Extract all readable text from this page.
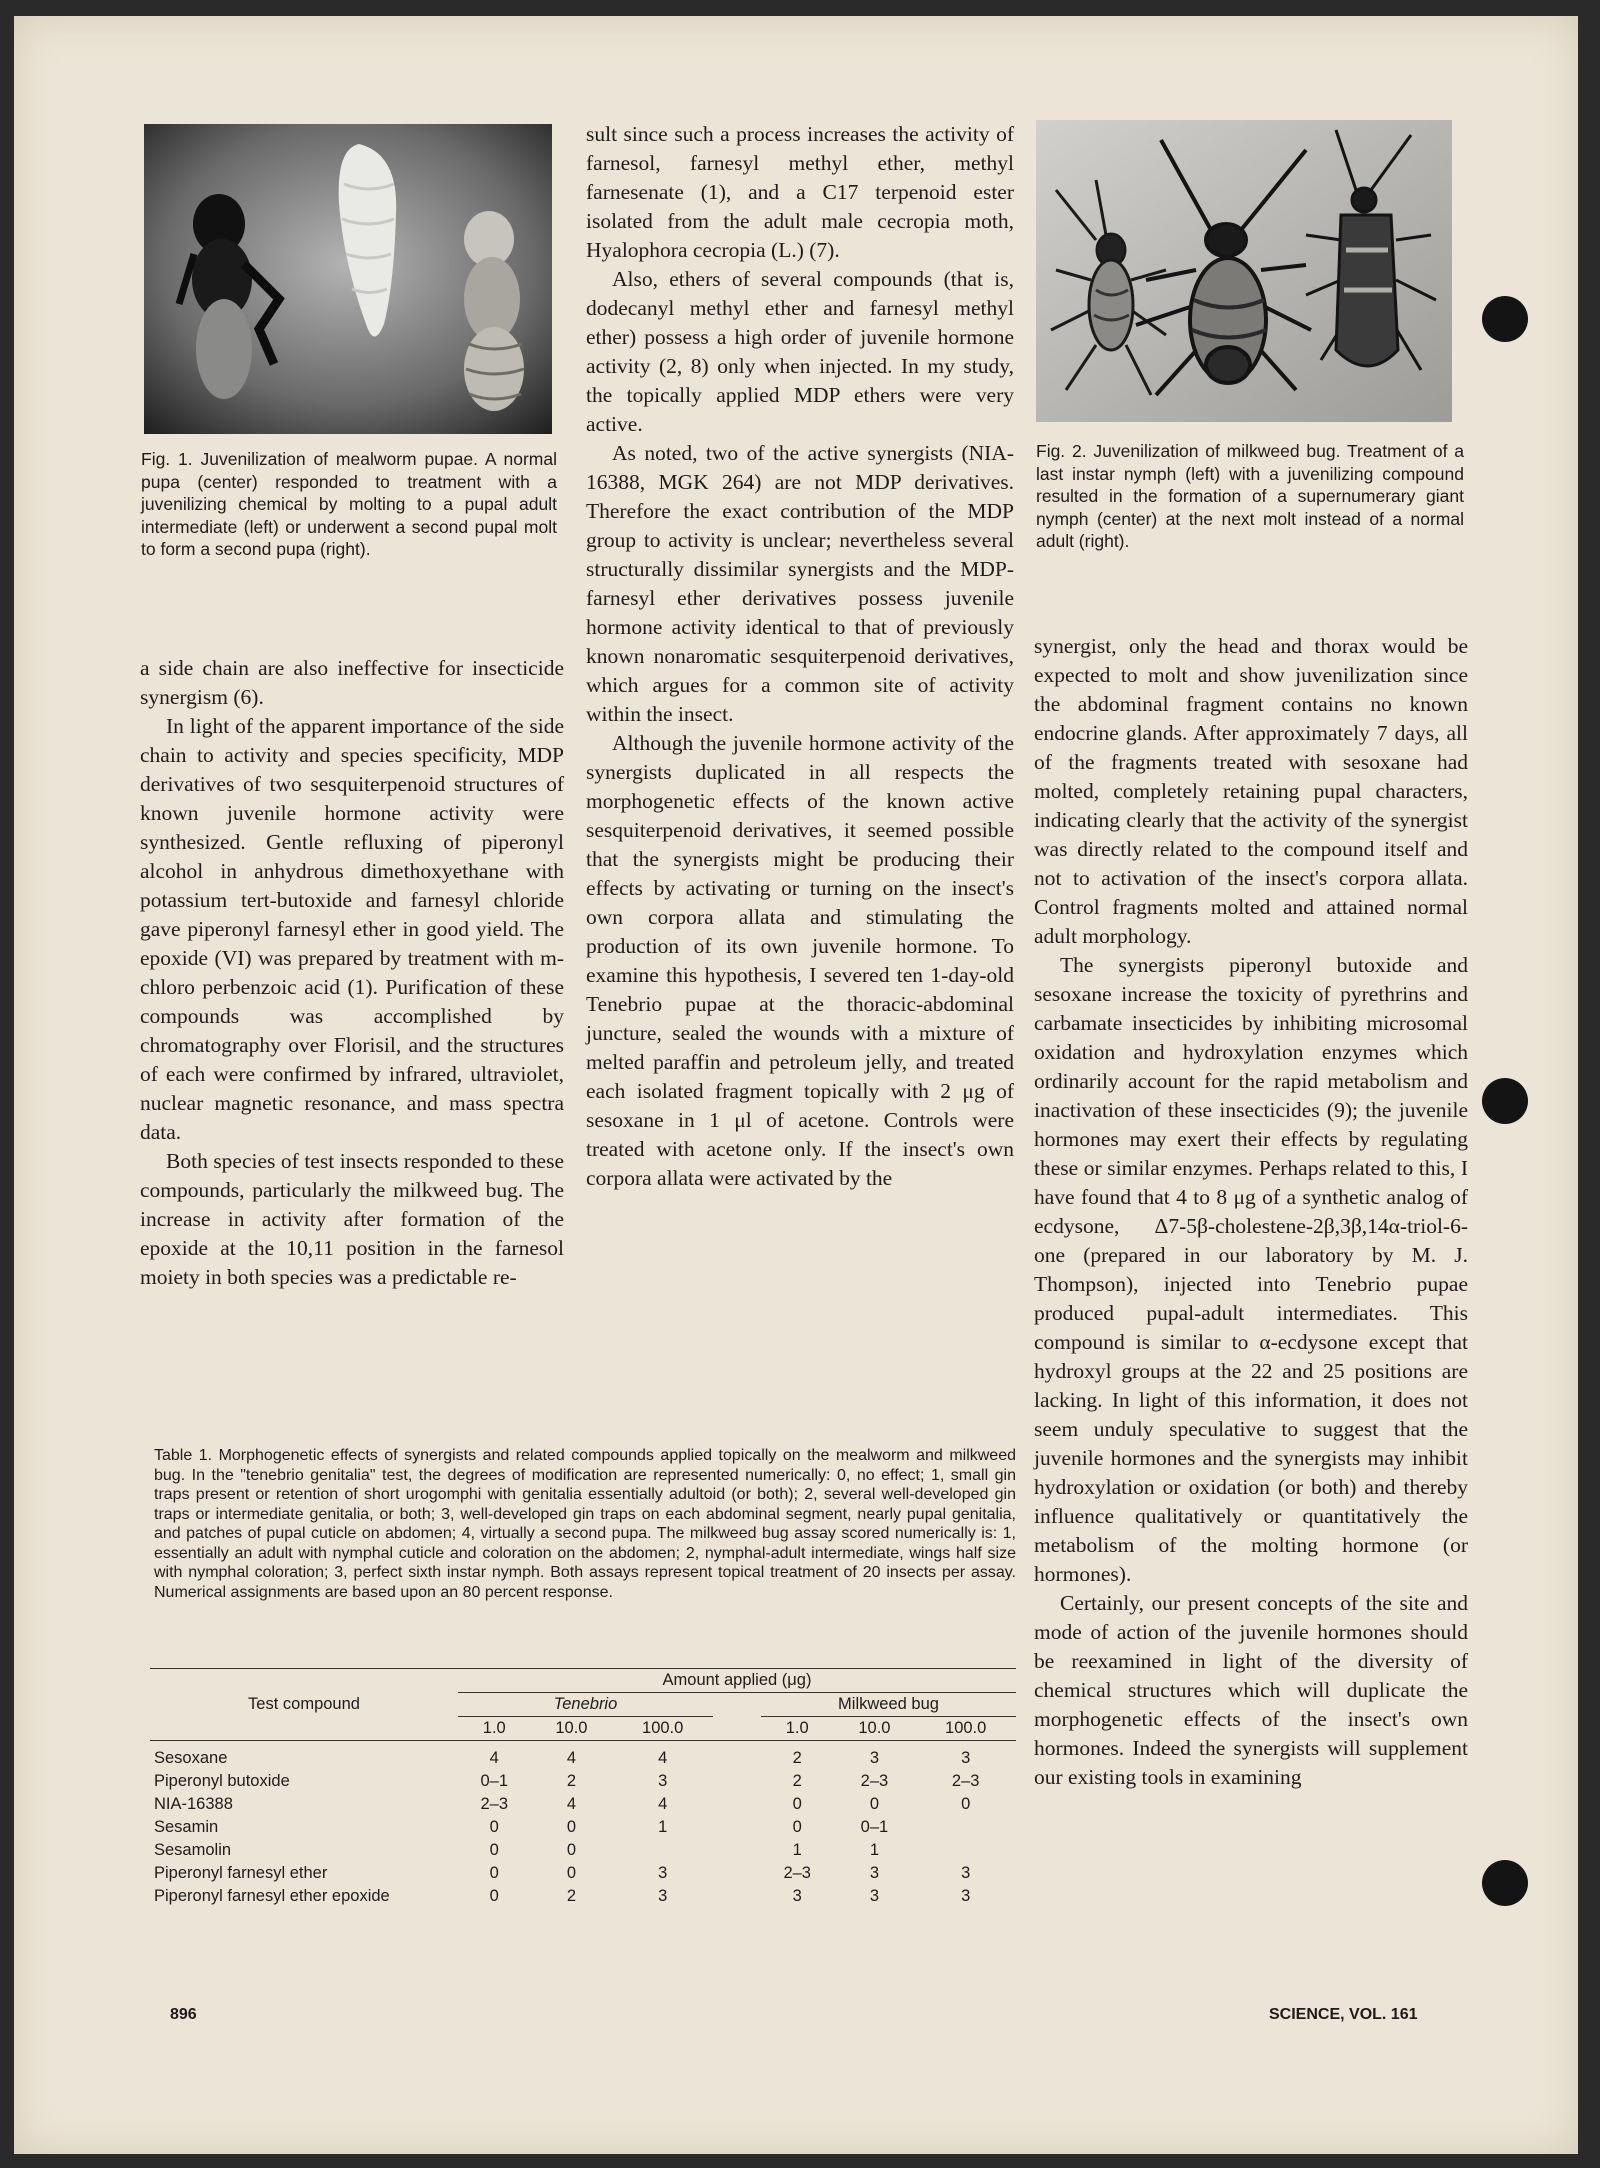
Fig. 1. Juvenilization of mealworm pupae. A normal pupa (center) responded to treatment with a juvenilizing chemical by molting to a pupal adult intermediate (left) or underwent a second pupal molt to form a second pupa (right).
Fig. 2. Juvenilization of milkweed bug. Treatment of a last instar nymph (left) with a juvenilizing compound resulted in the formation of a supernumerary giant nymph (center) at the next molt instead of a normal adult (right).

a side chain are also ineffective for insecticide synergism (6).

In light of the apparent importance of the side chain to activity and species specificity, MDP derivatives of two sesquiterpenoid structures of known juvenile hormone activity were synthesized. Gentle refluxing of piperonyl alcohol in anhydrous dimethoxyethane with potassium tert-butoxide and farnesyl chloride gave piperonyl farnesyl ether in good yield. The epoxide (VI) was prepared by treatment with m-chloro perbenzoic acid (1). Purification of these compounds was accomplished by chromatography over Florisil, and the structures of each were confirmed by infrared, ultraviolet, nuclear magnetic resonance, and mass spectra data.

Both species of test insects responded to these compounds, particularly the milkweed bug. The increase in activity after formation of the epoxide at the 10,11 position in the farnesol moiety in both species was a predictable re-

sult since such a process increases the activity of farnesol, farnesyl methyl ether, methyl farnesenate (1), and a C17 terpenoid ester isolated from the adult male cecropia moth, Hyalophora cecropia (L.) (7).

Also, ethers of several compounds (that is, dodecanyl methyl ether and farnesyl methyl ether) possess a high order of juvenile hormone activity (2, 8) only when injected. In my study, the topically applied MDP ethers were very active.

As noted, two of the active synergists (NIA-16388, MGK 264) are not MDP derivatives. Therefore the exact contribution of the MDP group to activity is unclear; nevertheless several structurally dissimilar synergists and the MDP-farnesyl ether derivatives possess juvenile hormone activity identical to that of previously known nonaromatic sesquiterpenoid derivatives, which argues for a common site of activity within the insect.

Although the juvenile hormone activity of the synergists duplicated in all respects the morphogenetic effects of the known active sesquiterpenoid derivatives, it seemed possible that the synergists might be producing their effects by activating or turning on the insect's own corpora allata and stimulating the production of its own juvenile hormone. To examine this hypothesis, I severed ten 1-day-old Tenebrio pupae at the thoracic-abdominal juncture, sealed the wounds with a mixture of melted paraffin and petroleum jelly, and treated each isolated fragment topically with 2 μg of sesoxane in 1 μl of acetone. Controls were treated with acetone only. If the insect's own corpora allata were activated by the

synergist, only the head and thorax would be expected to molt and show juvenilization since the abdominal fragment contains no known endocrine glands. After approximately 7 days, all of the fragments treated with sesoxane had molted, completely retaining pupal characters, indicating clearly that the activity of the synergist was directly related to the compound itself and not to activation of the insect's corpora allata. Control fragments molted and attained normal adult morphology.

The synergists piperonyl butoxide and sesoxane increase the toxicity of pyrethrins and carbamate insecticides by inhibiting microsomal oxidation and hydroxylation enzymes which ordinarily account for the rapid metabolism and inactivation of these insecticides (9); the juvenile hormones may exert their effects by regulating these or similar enzymes. Perhaps related to this, I have found that 4 to 8 μg of a synthetic analog of ecdysone, Δ7-5β-cholestene-2β,3β,14α-triol-6-one (prepared in our laboratory by M. J. Thompson), injected into Tenebrio pupae produced pupal-adult intermediates. This compound is similar to α-ecdysone except that hydroxyl groups at the 22 and 25 positions are lacking. In light of this information, it does not seem unduly speculative to suggest that the juvenile hormones and the synergists may inhibit hydroxylation or oxidation (or both) and thereby influence qualitatively or quantitatively the metabolism of the molting hormone (or hormones).

Certainly, our present concepts of the site and mode of action of the juvenile hormones should be reexamined in light of the diversity of chemical structures which will duplicate the morphogenetic effects of the insect's own hormones. Indeed the synergists will supplement our existing tools in examining

Table 1. Morphogenetic effects of synergists and related compounds applied topically on the mealworm and milkweed bug. In the "tenebrio genitalia" test, the degrees of modification are represented numerically: 0, no effect; 1, small gin traps present or retention of short urogomphi with genitalia essentially adultoid (or both); 2, several well-developed gin traps or intermediate genitalia, or both; 3, well-developed gin traps on each abdominal segment, nearly pupal genitalia, and patches of pupal cuticle on abdomen; 4, virtually a second pupa. The milkweed bug assay scored numerically is: 1, essentially an adult with nymphal cuticle and coloration on the abdomen; 2, nymphal-adult intermediate, wings half size with nymphal coloration; 3, perfect sixth instar nymph. Both assays represent topical treatment of 20 insects per assay. Numerical assignments are based upon an 80 percent response.
Test compound	Amount applied (μg)						
	Tenebrio				Milkweed bug		
	1.0	10.0	100.0		1.0	10.0	100.0
Sesoxane	4	4	4		2	3	3
Piperonyl butoxide	0–1	2	3		2	2–3	2–3
NIA-16388	2–3	4	4		0	0	0
Sesamin	0	0	1		0	0–1	
Sesamolin	0	0			1	1	
Piperonyl farnesyl ether	0	0	3		2–3	3	3
Piperonyl farnesyl ether epoxide	0	2	3		3	3	3
896	SCIENCE, VOL. 161
